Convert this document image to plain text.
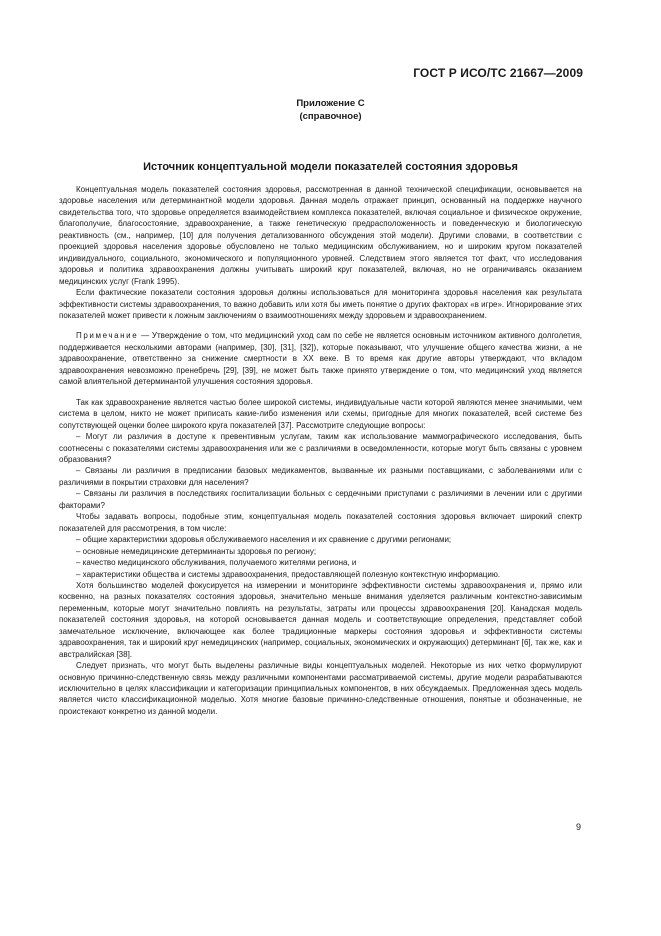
ГОСТ Р ИСО/ТС 21667—2009
Приложение С
(справочное)
Источник концептуальной модели показателей состояния здоровья

Концептуальная модель показателей состояния здоровья, рассмотренная в данной технической спецификации, основывается на здоровье населения или детерминантной модели здоровья. Данная модель отражает принцип, основанный на поддержке научного свидетельства того, что здоровье определяется взаимодействием комплекса показателей, включая социальное и физическое окружение, благополучие, благосостояние, здравоохранение, а также генетическую предрасположенность и поведенческую и биологическую реактивность (см., например, [10] для получения детализованного обсуждения этой модели). Другими словами, в соответствии с проекцией здоровья населения здоровье обусловлено не только медицинским обслуживанием, но и широким кругом показателей индивидуального, социального, экономического и популяционного уровней. Следствием этого является тот факт, что исследования здоровья и политика здравоохранения должны учитывать широкий круг показателей, включая, но не ограничиваясь оказанием медицинских услуг (Frank 1995).

Если фактические показатели состояния здоровья должны использоваться для мониторинга здоровья населения как результата эффективности системы здравоохранения, то важно добавить или хотя бы иметь понятие о других факторах «в игре». Игнорирование этих показателей может привести к ложным заключениям о взаимоотношениях между здоровьем и здравоохранением.

Примечание — Утверждение о том, что медицинский уход сам по себе не является основным источником активного долголетия, поддерживается несколькими авторами (например, [30], [31], [32]), которые показывают, что улучшение общего качества жизни, а не здравоохранение, ответственно за снижение смертности в XX веке. В то время как другие авторы утверждают, что вкладом здравоохранения невозможно пренебречь [29], [39], не может быть также принято утверждение о том, что медицинский уход является самой влиятельной детерминантой улучшения состояния здоровья.

Так как здравоохранение является частью более широкой системы, индивидуальные части которой являются менее значимыми, чем система в целом, никто не может приписать какие-либо изменения или схемы, пригодные для многих показателей, всей системе без сопутствующей оценки более широкого круга показателей [37]. Рассмотрите следующие вопросы:

– Могут ли различия в доступе к превентивным услугам, таким как использование маммографического исследования, быть соотнесены с показателями системы здравоохранения или же с различиями в осведомленности, которые могут быть связаны с уровнем образования?

– Связаны ли различия в предписании базовых медикаментов, вызванные их разными поставщиками, с заболеваниями или с различиями в покрытии страховки для населения?

– Связаны ли различия в последствиях госпитализации больных с сердечными приступами с различиями в лечении или с другими факторами?

Чтобы задавать вопросы, подобные этим, концептуальная модель показателей состояния здоровья включает широкий спектр показателей для рассмотрения, в том числе:

– общие характеристики здоровья обслуживаемого населения и их сравнение с другими регионами;

– основные немедицинские детерминанты здоровья по региону;

– качество медицинского обслуживания, получаемого жителями региона, и

– характеристики общества и системы здравоохранения, предоставляющей полезную контекстную информацию.

Хотя большинство моделей фокусируется на измерении и мониторинге эффективности системы здравоохранения и, прямо или косвенно, на разных показателях состояния здоровья, значительно меньше внимания уделяется различным контекстно-зависимым переменным, которые могут значительно повлиять на результаты, затраты или процессы здравоохранения [20]. Канадская модель показателей состояния здоровья, на которой основывается данная модель и соответствующие определения, представляет собой замечательное исключение, включающее как более традиционные маркеры состояния здоровья и эффективности системы здравоохранения, так и широкий круг немедицинских (например, социальных, экономических и окружающих) детерминант [6], так же, как и австралийская [38].

Следует признать, что могут быть выделены различные виды концептуальных моделей. Некоторые из них четко формулируют основную причинно-следственную связь между различными компонентами рассматриваемой системы, другие модели разрабатываются исключительно в целях классификации и категоризации принципиальных компонентов, в них обсуждаемых. Предложенная здесь модель является чисто классификационной моделью. Хотя многие базовые причинно-следственные отношения, понятые и обозначенные, не проистекают конкретно из данной модели.

9
